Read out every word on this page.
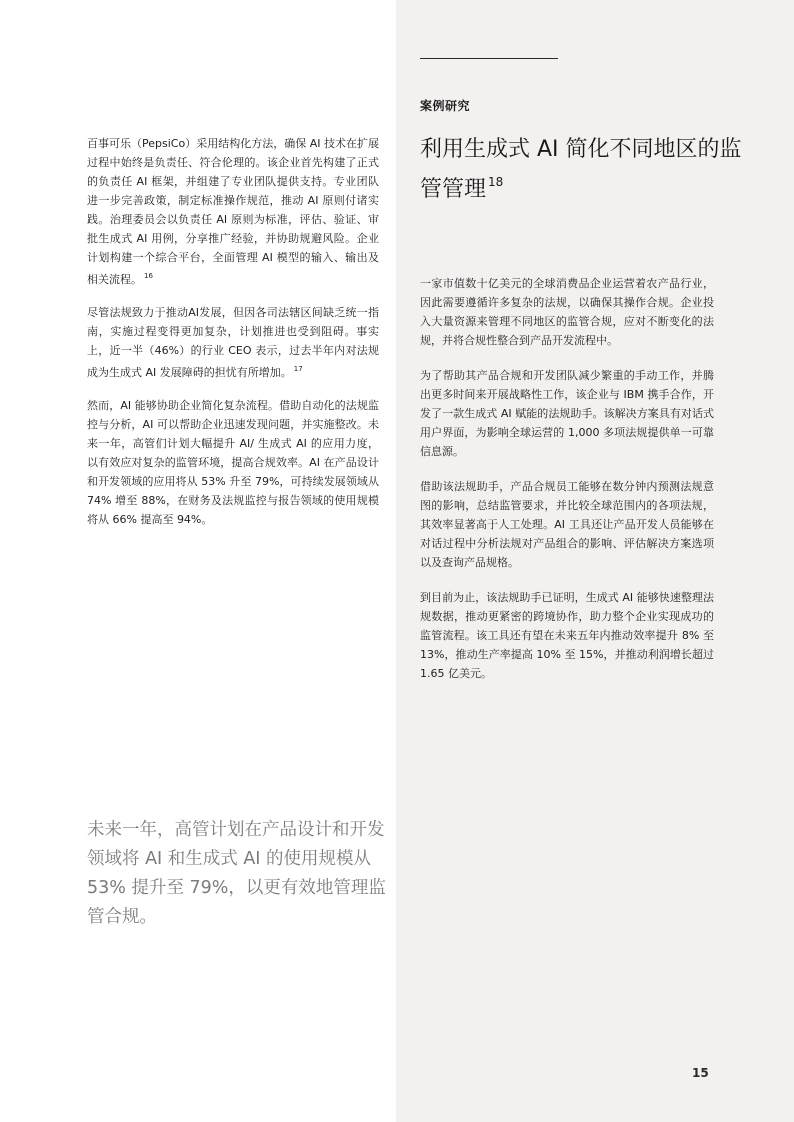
案例研究
利用生成式 AI 简化不同地区的监管管理 $^{18}$

百事可乐（PepsiCo）采用结构化方法，确保 AI 技术在扩展过程中始终是负责任、符合伦理的。该企业首先构建了正式的负责任 AI 框架，并组建了专业团队提供支持。专业团队进一步完善政策，制定标准操作规范，推动 AI 原则付诸实践。治理委员会以负责任 AI 原则为标准，评估、验证、审批生成式 AI 用例，分享推广经验，并协助规避风险。企业计划构建一个综合平台，全面管理 AI 模型的输入、输出及相关流程。 $^{16}$

尽管法规致力于推动AI发展，但因各司法辖区间缺乏统一指南，实施过程变得更加复杂，计划推进也受到阻碍。事实上，近一半（46%）的行业 CEO 表示，过去半年内对法规成为生成式 AI 发展障碍的担忧有所增加。 $^{17}$

然而，AI 能够协助企业简化复杂流程。借助自动化的法规监控与分析，AI 可以帮助企业迅速发现问题，并实施整改。未来一年，高管们计划大幅提升 AI/ 生成式 AI 的应用力度，以有效应对复杂的监管环境，提高合规效率。AI 在产品设计和开发领域的应用将从 53% 升至 79%，可持续发展领域从 74% 增至 88%，在财务及法规监控与报告领域的使用规模将从 66% 提高至 94%。

一家市值数十亿美元的全球消费品企业运营着农产品行业，因此需要遵循许多复杂的法规，以确保其操作合规。企业投入大量资源来管理不同地区的监管合规，应对不断变化的法规，并将合规性整合到产品开发流程中。

为了帮助其产品合规和开发团队减少繁重的手动工作，并腾出更多时间来开展战略性工作，该企业与 IBM 携手合作，开发了一款生成式 AI 赋能的法规助手。该解决方案具有对话式用户界面，为影响全球运营的 1,000 多项法规提供单一可靠信息源。

借助该法规助手，产品合规员工能够在数分钟内预测法规意图的影响，总结监管要求，并比较全球范围内的各项法规，其效率显著高于人工处理。AI 工具还让产品开发人员能够在对话过程中分析法规对产品组合的影响、评估解决方案选项以及查询产品规格。

到目前为止，该法规助手已证明，生成式 AI 能够快速整理法规数据，推动更紧密的跨境协作，助力整个企业实现成功的监管流程。该工具还有望在未来五年内推动效率提升 8% 至 13%，推动生产率提高 10% 至 15%，并推动利润增长超过 1.65 亿美元。

未来一年，高管计划在产品设计和开发领域将 AI 和生成式 AI 的使用规模从 53% 提升至 79%，以更有效地管理监管合规。

15
